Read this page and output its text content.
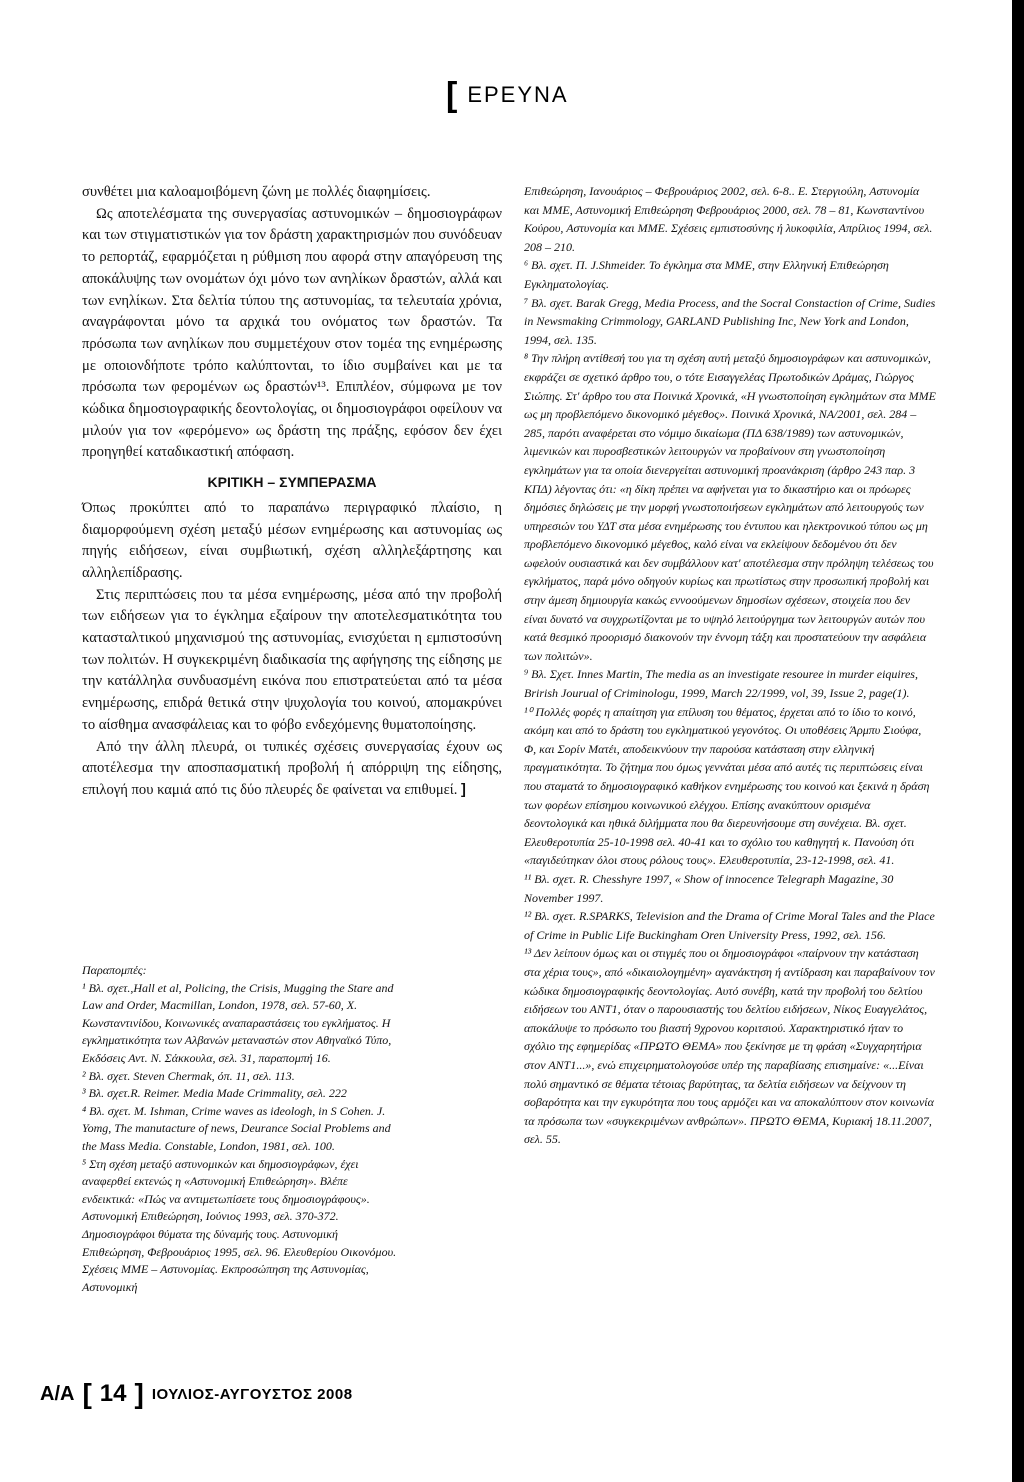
[ ΕΡΕΥΝΑ

συνθέτει μια καλοαμοιβόμενη ζώνη με πολλές διαφημίσεις.

Ως αποτελέσματα της συνεργασίας αστυνομικών – δημοσιογράφων και των στιγματιστικών για τον δράστη χαρακτηρισμών που συνόδευαν το ρεπορτάζ, εφαρμόζεται η ρύθμιση που αφορά στην απαγόρευση της αποκάλυψης των ονομάτων όχι μόνο των ανηλίκων δραστών, αλλά και των ενηλίκων. Στα δελτία τύπου της αστυνομίας, τα τελευταία χρόνια, αναγράφονται μόνο τα αρχικά του ονόματος των δραστών. Τα πρόσωπα των ανηλίκων που συμμετέχουν στον τομέα της ενημέρωσης με οποιονδήποτε τρόπο καλύπτονται, το ίδιο συμβαίνει και με τα πρόσωπα των φερομένων ως δραστών¹³. Επιπλέον, σύμφωνα με τον κώδικα δημοσιογραφικής δεοντολογίας, οι δημοσιογράφοι οφείλουν να μιλούν για τον «φερόμενο» ως δράστη της πράξης, εφόσον δεν έχει προηγηθεί καταδικαστική απόφαση.

ΚΡΙΤΙΚΗ – ΣΥΜΠΕΡΑΣΜΑ

Όπως προκύπτει από το παραπάνω περιγραφικό πλαίσιο, η διαμορφούμενη σχέση μεταξύ μέσων ενημέρωσης και αστυνομίας ως πηγής ειδήσεων, είναι συμβιωτική, σχέση αλληλεξάρτησης και αλληλεπίδρασης.

Στις περιπτώσεις που τα μέσα ενημέρωσης, μέσα από την προβολή των ειδήσεων για το έγκλημα εξαίρουν την αποτελεσματικότητα του κατασταλτικού μηχανισμού της αστυνομίας, ενισχύεται η εμπιστοσύνη των πολιτών. Η συγκεκριμένη διαδικασία της αφήγησης της είδησης με την κατάλληλα συνδυασμένη εικόνα που επιστρατεύεται από τα μέσα ενημέρωσης, επιδρά θετικά στην ψυχολογία του κοινού, απομακρύνει το αίσθημα ανασφάλειας και το φόβο ενδεχόμενης θυματοποίησης.

Από την άλλη πλευρά, οι τυπικές σχέσεις συνεργασίας έχουν ως αποτέλεσμα την αποσπασματική προβολή ή απόρριψη της είδησης, επιλογή που καμιά από τις δύο πλευρές δε φαίνεται να επιθυμεί. ]

Παραπομπές:

¹ Βλ. σχετ.,Hall et al, Policing, the Crisis, Mugging the Stare and Law and Order, Macmillan, London, 1978, σελ. 57-60, Χ. Κωνσταντινίδου, Κοινωνικές αναπαραστάσεις του εγκλήματος. Η εγκληματικότητα των Αλβανών μεταναστών στον Αθηναϊκό Τύπο, Εκδόσεις Αντ. Ν. Σάκκουλα, σελ. 31, παραπομπή 16.

² Βλ. σχετ. Steven Chermak, όπ. 11, σελ. 113.

³ Βλ. σχετ.R. Reimer. Media Made Crimmality, σελ. 222

⁴ Βλ. σχετ. M. Ishman, Crime waves as ideologh, in S Cohen. J. Yomg, The manutacture of news, Deurance Social Problems and the Mass Media. Constable, London, 1981, σελ. 100.

⁵ Στη σχέση μεταξύ αστυνομικών και δημοσιογράφων, έχει αναφερθεί εκτενώς η «Αστυνομική Επιθεώρηση». Βλέπε ενδεικτικά: «Πώς να αντιμετωπίσετε τους δημοσιογράφους». Αστυνομική Επιθεώρηση, Ιούνιος 1993, σελ. 370-372. Δημοσιογράφοι θύματα της δύναμής τους. Αστυνομική Επιθεώρηση, Φεβρουάριος 1995, σελ. 96. Ελευθερίου Οικονόμου. Σχέσεις ΜΜΕ – Αστυνομίας. Εκπροσώπηση της Αστυνομίας, Αστυνομική

Επιθεώρηση, Ιανουάριος – Φεβρουάριος 2002, σελ. 6-8.. Ε. Στεργιούλη, Αστυνομία και ΜΜΕ, Αστυνομική Επιθεώρηση Φεβρουάριος 2000, σελ. 78 – 81, Κωνσταντίνου Κούρου, Αστυνομία και ΜΜΕ. Σχέσεις εμπιστοσύνης ή λυκοφιλία, Απρίλιος 1994, σελ. 208 – 210.

⁶ Βλ. σχετ. Π. J.Shmeider. Το έγκλημα στα ΜΜΕ, στην Ελληνική Επιθεώρηση Εγκληματολογίας.

⁷ Βλ. σχετ. Barak Gregg, Media Process, and the Socral Constaction of Crime, Sudies in Newsmaking Crimmology, GARLAND Publishing Inc, New York and London, 1994, σελ. 135.

⁸ Την πλήρη αντίθεσή του για τη σχέση αυτή μεταξύ δημοσιογράφων και αστυνομικών, εκφράζει σε σχετικό άρθρο του, ο τότε Εισαγγελέας Πρωτοδικών Δράμας, Γιώργος Σιώπης. Στ' άρθρο του στα Ποινικά Χρονικά, «Η γνωστοποίηση εγκλημάτων στα ΜΜΕ ως μη προβλεπόμενο δικονομικό μέγεθος». Ποινικά Χρονικά, ΝΑ/2001, σελ. 284 – 285, παρότι αναφέρεται στο νόμιμο δικαίωμα (ΠΔ 638/1989) των αστυνομικών, λιμενικών και πυροσβεστικών λειτουργών να προβαίνουν στη γνωστοποίηση εγκλημάτων για τα οποία διενεργείται αστυνομική προανάκριση (άρθρο 243 παρ. 3 ΚΠΔ) λέγοντας ότι: «η δίκη πρέπει να αφήνεται για το δικαστήριο και οι πρόωρες δημόσιες δηλώσεις με την μορφή γνωστοποιήσεων εγκλημάτων από λειτουργούς των υπηρεσιών του ΥΔΤ στα μέσα ενημέρωσης του έντυπου και ηλεκτρονικού τύπου ως μη προβλεπόμενο δικονομικό μέγεθος, καλό είναι να εκλείψουν δεδομένου ότι δεν ωφελούν ουσιαστικά και δεν συμβάλλουν κατ' αποτέλεσμα στην πρόληψη τελέσεως του εγκλήματος, παρά μόνο οδηγούν κυρίως και πρωτίστως στην προσωπική προβολή και στην άμεση δημιουργία κακώς εννοούμενων δημοσίων σχέσεων, στοιχεία που δεν είναι δυνατό να συγχρωτίζονται με το υψηλό λειτούργημα των λειτουργών αυτών που κατά θεσμικό προορισμό διακονούν την έννομη τάξη και προστατεύουν την ασφάλεια των πολιτών».

⁹ Βλ. Σχετ. Innes Martin, The media as an investigate resouree in murder eiquires, Brirish Jourual of Criminologu, 1999, March 22/1999, vol, 39, Issue 2, page(1).

¹⁰ Πολλές φορές η απαίτηση για επίλυση του θέματος, έρχεται από το ίδιο το κοινό, ακόμη και από το δράστη του εγκληματικού γεγονότος. Οι υποθέσεις Άρμπυ Σιούφα, Φ, και Σορίν Ματέι, αποδεικνύουν την παρούσα κατάσταση στην ελληνική πραγματικότητα. Το ζήτημα που όμως γεννάται μέσα από αυτές τις περιπτώσεις είναι που σταματά το δημοσιογραφικό καθήκον ενημέρωσης του κοινού και ξεκινά η δράση των φορέων επίσημου κοινωνικού ελέγχου. Επίσης ανακύπτουν ορισμένα δεοντολογικά και ηθικά διλήμματα που θα διερευνήσουμε στη συνέχεια. Βλ. σχετ. Ελευθεροτυπία 25-10-1998 σελ. 40-41 και το σχόλιο του καθηγητή κ. Πανούση ότι «παγιδεύτηκαν όλοι στους ρόλους τους». Ελευθεροτυπία, 23-12-1998, σελ. 41.

¹¹ Βλ. σχετ. R. Chesshyre 1997, « Show of innocence Telegraph Magazine, 30 November 1997.

¹² Βλ. σχετ. R.SPARKS, Television and the Drama of Crime Moral Tales and the Place of Crime in Public Life Buckingham Oren University Press, 1992, σελ. 156.

¹³ Δεν λείπουν όμως και οι στιγμές που οι δημοσιογράφοι «παίρνουν την κατάσταση στα χέρια τους», από «δικαιολογημένη» αγανάκτηση ή αντίδραση και παραβαίνουν τον κώδικα δημοσιογραφικής δεοντολογίας. Αυτό συνέβη, κατά την προβολή του δελτίου ειδήσεων του ΑΝΤ1, όταν ο παρουσιαστής του δελτίου ειδήσεων, Νίκος Ευαγγελάτος, αποκάλυψε το πρόσωπο του βιαστή 9χρονου κοριτσιού. Χαρακτηριστικό ήταν το σχόλιο της εφημερίδας «ΠΡΩΤΟ ΘΕΜΑ» που ξεκίνησε με τη φράση «Συγχαρητήρια στον ΑΝΤ1...», ενώ επιχειρηματολογούσε υπέρ της παραβίασης επισημαίνε: «...Είναι πολύ σημαντικό σε θέματα τέτοιας βαρύτητας, τα δελτία ειδήσεων να δείχνουν τη σοβαρότητα και την εγκυρότητα που τους αρμόζει και να αποκαλύπτουν στον κοινωνία τα πρόσωπα των «συγκεκριμένων ανθρώπων». ΠΡΩΤΟ ΘΕΜΑ, Κυριακή 18.11.2007, σελ. 55.

Α/Α [ 14 ] ΙΟΥΛΙΟΣ-ΑΥΓΟΥΣΤΟΣ 2008
